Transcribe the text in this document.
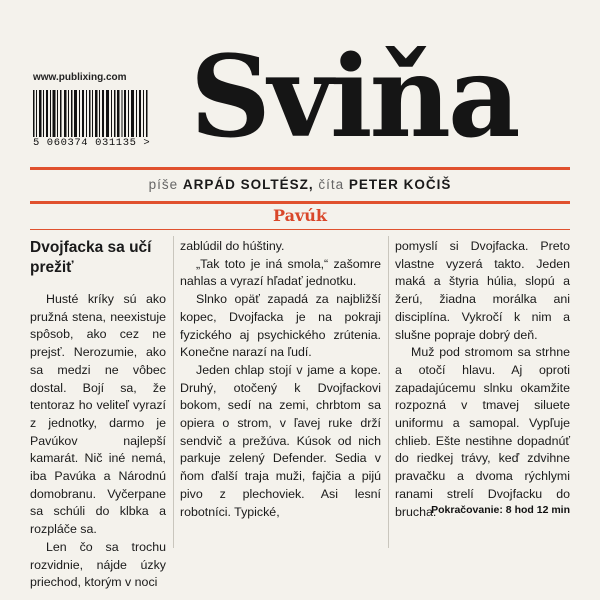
www.publixing.com
5 060374 031135 > Sviňa
píše ARPÁD SOLTÉSZ, číta PETER KOČIŠ
Pavúk
Dvojfacka sa učí prežiť

Husté kríky sú ako pružná stena, neexistuje spôsob, ako cez ne prejsť. Nerozumie, ako sa medzi ne vôbec dostal. Bojí sa, že tentoraz ho veliteľ vyrazí z jednotky, darmo je Pavúkov najlepší kamarát. Nič iné nemá, iba Pavúka a Národnú domobranu. Vyčerpane sa schúli do klbka a rozpláče sa.

Len čo sa trochu rozvidnie, nájde úzky priechod, ktorým v noci

zablúdil do húštiny.

„Tak toto je iná smola,“ zašomre nahlas a vyrazí hľadať jednotku.

Slnko opäť zapadá za najbližší kopec, Dvojfacka je na pokraji fyzického aj psychického zrútenia. Konečne narazí na ľudí.

Jeden chlap stojí v jame a kope. Druhý, otočený k Dvojfackovi bokom, sedí na zemi, chrbtom sa opiera o strom, v ľavej ruke drží sendvič a prežúva. Kúsok od nich parkuje zelený Defender. Sedia v ňom ďalší traja muži, fajčia a pijú pivo z plechoviek. Asi lesní robotníci. Typické,

pomyslí si Dvojfacka. Preto vlastne vyzerá takto. Jeden maká a štyria húlia, slopú a žerú, žiadna morálka ani disciplína. Vykročí k nim a slušne popraje dobrý deň.

Muž pod stromom sa strhne a otočí hlavu. Aj oproti zapadajúcemu slnku okamžite rozpozná v tmavej siluete uniformu a samopal. Vypľuje chlieb. Ešte nestihne dopadnúť do riedkej trávy, keď zdvihne pravačku a dvoma rýchlymi ranami strelí Dvojfacku do brucha.

Pokračovanie: 8 hod 12 min
